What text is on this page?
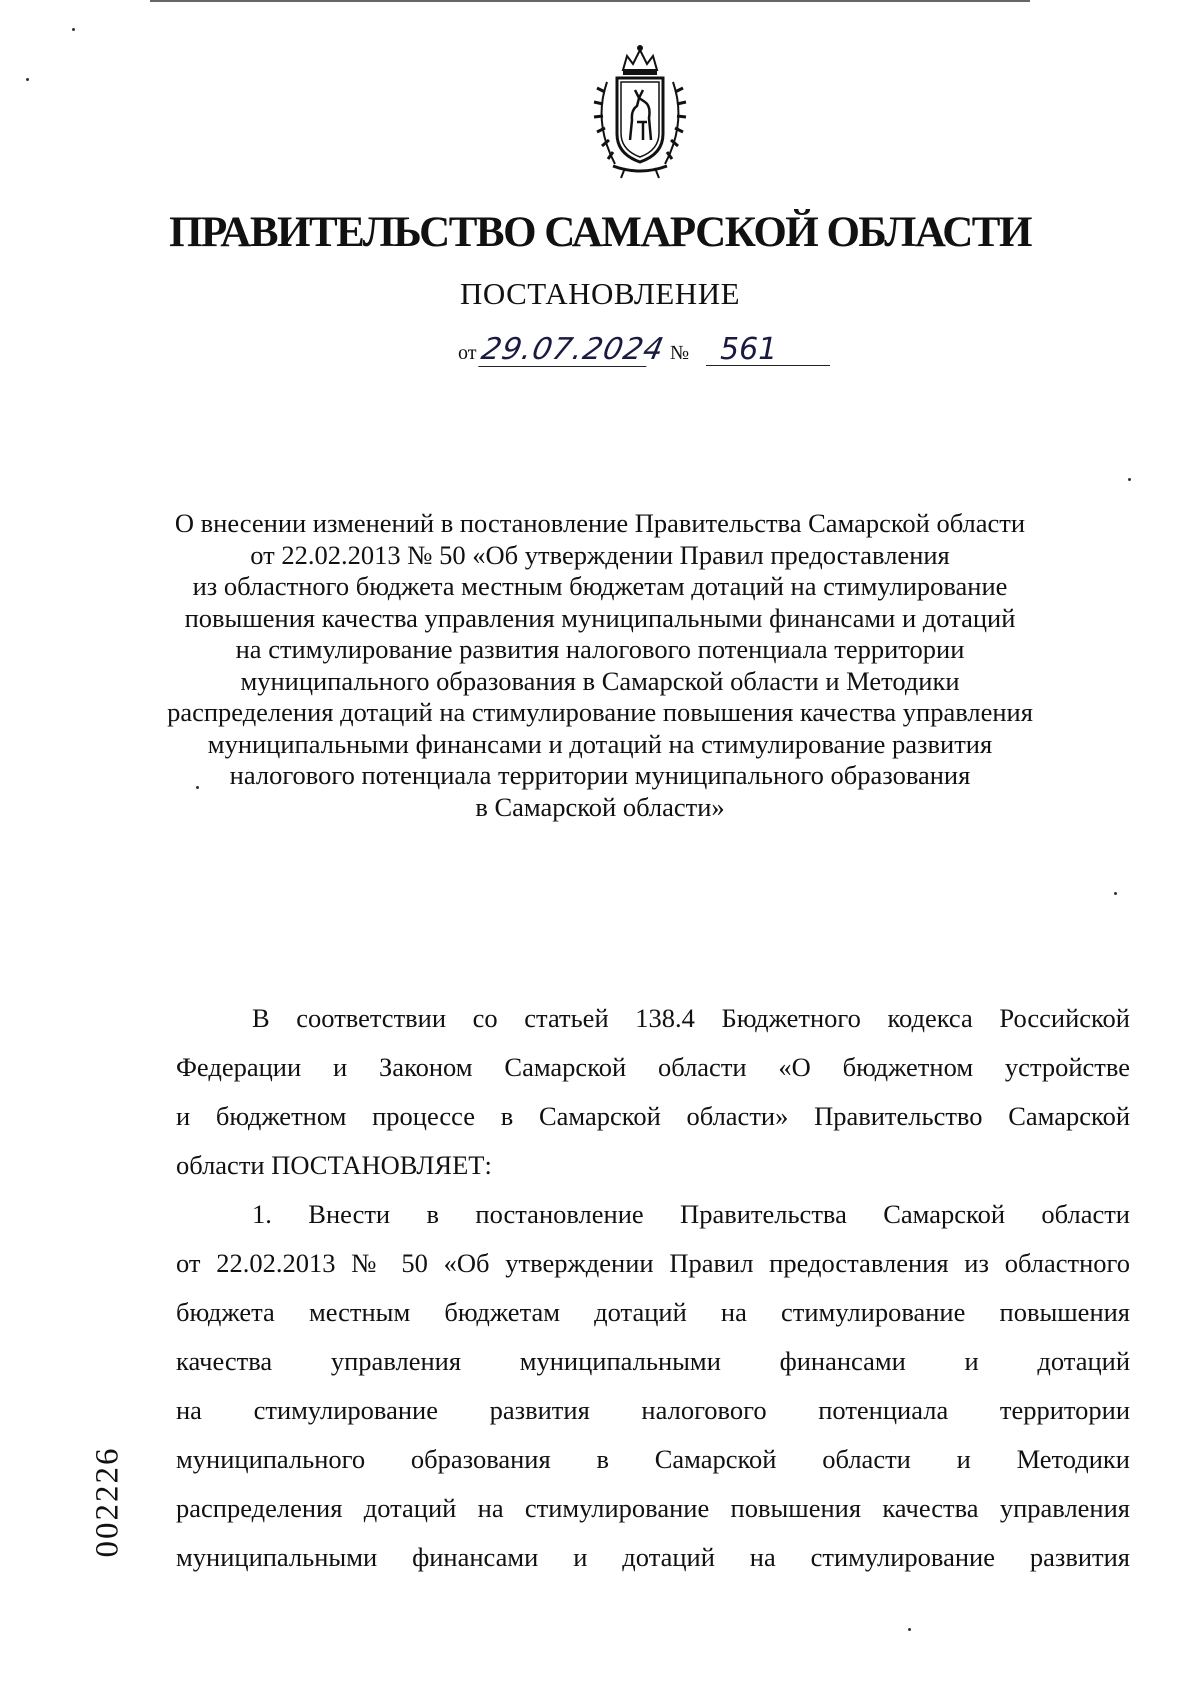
ПРАВИТЕЛЬСТВО САМАРСКОЙ ОБЛАСТИ
ПОСТАНОВЛЕНИЕ
от 29.07.2024 №	561
О внесении изменений в постановление Правительства Самарской области
от 22.02.2013 № 50 «Об утверждении Правил предоставления
из областного бюджета местным бюджетам дотаций на стимулирование
повышения качества управления муниципальными финансами и дотаций
на стимулирование развития налогового потенциала территории
муниципального образования в Самарской области и Методики
распределения дотаций на стимулирование повышения качества управления
муниципальными финансами и дотаций на стимулирование развития
налогового потенциала территории муниципального образования
в Самарской области»
В соответствии со статьей 138.4 Бюджетного кодекса Российской
Федерации и Законом Самарской области «О бюджетном устройстве
и бюджетном процессе в Самарской области» Правительство Самарской
области ПОСТАНОВЛЯЕТ:
1. Внести в постановление Правительства Самарской области
от 22.02.2013 № 50 «Об утверждении Правил предоставления из областного
бюджета местным бюджетам дотаций на стимулирование повышения
качества управления муниципальными финансами и дотаций
на стимулирование развития налогового потенциала территории
муниципального образования в Самарской области и Методики
распределения дотаций на стимулирование повышения качества управления
муниципальными финансами и дотаций на стимулирование развития
002226
